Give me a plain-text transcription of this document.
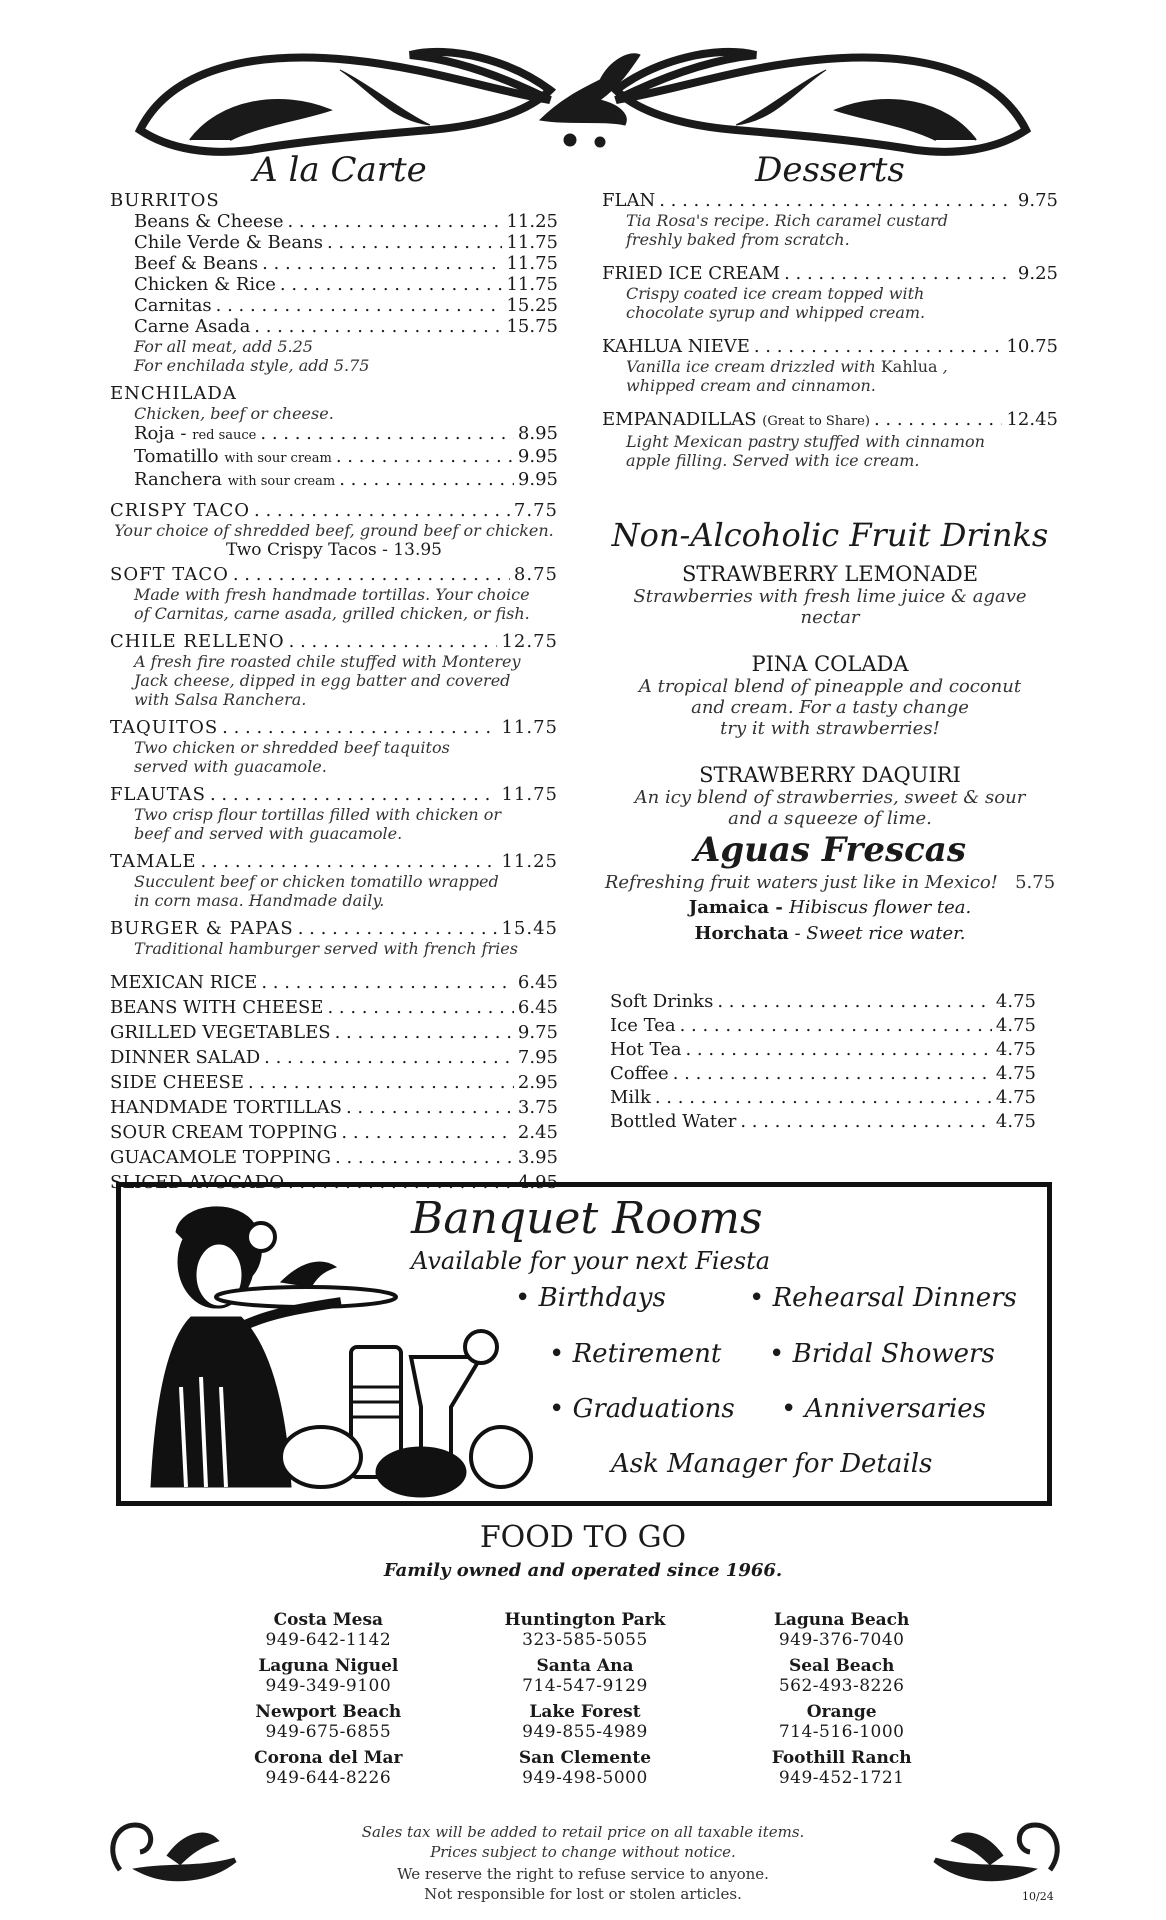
A la Carte
BURRITOS
Beans & Cheese . . .	11.25
Chile Verde & Beans . . .	11.75
Beef & Beans . . .	11.75
Chicken & Rice . . .	11.75
Carnitas . . .	15.25
Carne Asada . . .	15.75
For all meat, add 5.25
For enchilada style, add 5.75
ENCHILADA
Chicken, beef or cheese.
Roja - red sauce . . .	8.95
Tomatillo with sour cream . . .	9.95
Ranchera with sour cream . . .	9.95
CRISPY TACO . . .	7.75
Your choice of shredded beef, ground beef or chicken.
Two Crispy Tacos - 13.95
SOFT TACO . . .	8.75
Made with fresh handmade tortillas. Your choice
of Carnitas, carne asada, grilled chicken, or fish.
CHILE RELLENO . . .	12.75
A fresh fire roasted chile stuffed with Monterey
Jack cheese, dipped in egg batter and covered
with Salsa Ranchera.
TAQUITOS . . .	11.75
Two chicken or shredded beef taquitos
served with guacamole.
FLAUTAS . . .	11.75
Two crisp flour tortillas filled with chicken or
beef and served with guacamole.
TAMALE . . .	11.25
Succulent beef or chicken tomatillo wrapped
in corn masa. Handmade daily.
BURGER & PAPAS . . .	15.45
Traditional hamburger served with french fries
MEXICAN RICE . . .	6.45
BEANS WITH CHEESE . . .	6.45
GRILLED VEGETABLES . . .	9.75
DINNER SALAD . . .	7.95
SIDE CHEESE . . .	2.95
HANDMADE TORTILLAS . . .	3.75
SOUR CREAM TOPPING . . .	2.45
GUACAMOLE TOPPING . . .	3.95
SLICED AVOCADO . . .	4.95
Desserts
FLAN . . .	9.75
Tia Rosa's recipe. Rich caramel custard
freshly baked from scratch.
FRIED ICE CREAM . . .	9.25
Crispy coated ice cream topped with
chocolate syrup and whipped cream.
KAHLUA NIEVE . . .	10.75
Vanilla ice cream drizzled with Kahlua ,
whipped cream and cinnamon.
EMPANADILLAS (Great to Share) . . .	12.45
Light Mexican pastry stuffed with cinnamon
apple filling. Served with ice cream.
Non-Alcoholic Fruit Drinks
STRAWBERRY LEMONADE
Strawberries with fresh lime juice & agave nectar
PINA COLADA
A tropical blend of pineapple and coconut
and cream. For a tasty change
try it with strawberries!
STRAWBERRY DAQUIRI
An icy blend of strawberries, sweet & sour
and a squeeze of lime.
Aguas Frescas
Refreshing fruit waters just like in Mexico! 5.75
Jamaica - Hibiscus flower tea.
Horchata - Sweet rice water.
Soft Drinks . . .	4.75
Ice Tea . . .	4.75
Hot Tea . . .	4.75
Coffee . . .	4.75
Milk . . .	4.75
Bottled Water . . .	4.75
Banquet Rooms
Available for your next Fiesta
• Birthdays	• Rehearsal Dinners
• Retirement • Bridal Showers
• Graduations • Anniversaries
Ask Manager for Details
FOOD TO GO
Family owned and operated since 1966.
Costa Mesa
949-642-1142
Huntington Park
323-585-5055
Laguna Beach
949-376-7040
Laguna Niguel
949-349-9100
Santa Ana
714-547-9129
Seal Beach
562-493-8226
Newport Beach
949-675-6855
Lake Forest
949-855-4989
Orange
714-516-1000
Corona del Mar
949-644-8226
San Clemente
949-498-5000
Foothill Ranch
949-452-1721
Sales tax will be added to retail price on all taxable items.
Prices subject to change without notice.
We reserve the right to refuse service to anyone.
Not responsible for lost or stolen articles.	10/24
